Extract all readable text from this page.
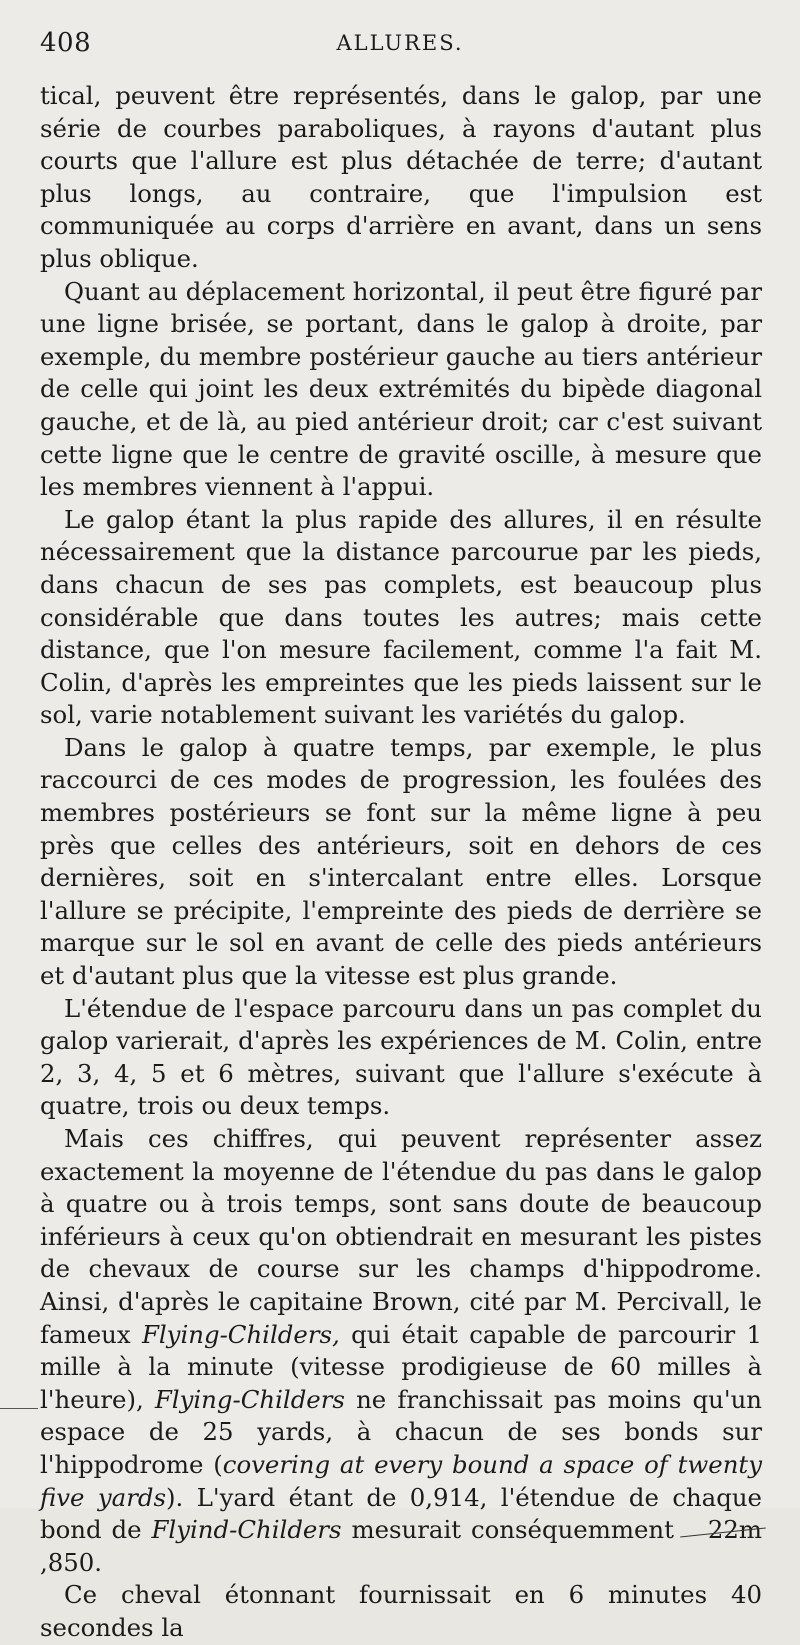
408	ALLURES.

tical, peuvent être représentés, dans le galop, par une série de courbes paraboliques, à rayons d'autant plus courts que l'allure est plus détachée de terre; d'autant plus longs, au contraire, que l'impulsion est communiquée au corps d'arrière en avant, dans un sens plus oblique.

Quant au déplacement horizontal, il peut être figuré par une ligne brisée, se portant, dans le galop à droite, par exemple, du membre postérieur gauche au tiers antérieur de celle qui joint les deux extrémités du bipède diagonal gauche, et de là, au pied antérieur droit; car c'est suivant cette ligne que le centre de gravité oscille, à mesure que les membres viennent à l'appui.

Le galop étant la plus rapide des allures, il en résulte nécessairement que la distance parcourue par les pieds, dans chacun de ses pas complets, est beaucoup plus considérable que dans toutes les autres; mais cette distance, que l'on mesure facilement, comme l'a fait M. Colin, d'après les empreintes que les pieds laissent sur le sol, varie notablement suivant les variétés du galop.

Dans le galop à quatre temps, par exemple, le plus raccourci de ces modes de progression, les foulées des membres postérieurs se font sur la même ligne à peu près que celles des antérieurs, soit en dehors de ces dernières, soit en s'intercalant entre elles. Lorsque l'allure se précipite, l'empreinte des pieds de derrière se marque sur le sol en avant de celle des pieds antérieurs et d'autant plus que la vitesse est plus grande.

L'étendue de l'espace parcouru dans un pas complet du galop varierait, d'après les expériences de M. Colin, entre 2, 3, 4, 5 et 6 mètres, suivant que l'allure s'exécute à quatre, trois ou deux temps.

Mais ces chiffres, qui peuvent représenter assez exactement la moyenne de l'étendue du pas dans le galop à quatre ou à trois temps, sont sans doute de beaucoup inférieurs à ceux qu'on obtiendrait en mesurant les pistes de chevaux de course sur les champs d'hippodrome. Ainsi, d'après le capitaine Brown, cité par M. Percivall, le fameux Flying-Childers, qui était capable de parcourir 1 mille à la minute (vitesse prodigieuse de 60 milles à l'heure), Flying-Childers ne franchissait pas moins qu'un espace de 25 yards, à chacun de ses bonds sur l'hippodrome (covering at every bound a space of twenty five yards). L'yard étant de 0,914, l'étendue de chaque bond de Flyind-Childers mesurait conséquemment 22m,850.

Ce cheval étonnant fournissait en 6 minutes 40 secondes la
